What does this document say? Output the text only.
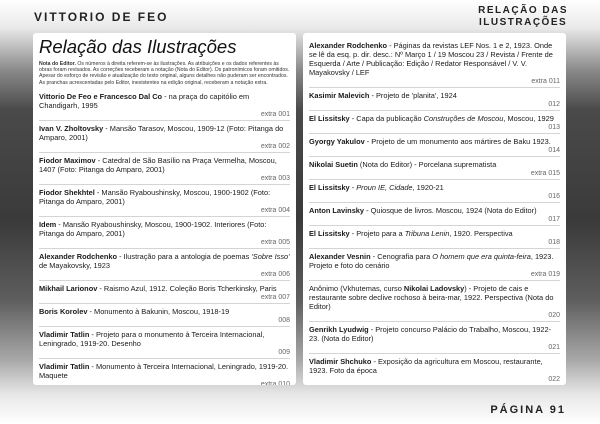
VITTORIO DE FEO	RELAÇÃO DAS
ILUSTRAÇÕES
Relação das Ilustrações
Nota do Editor. Os números à direita referem-se às ilustrações. As atribuições e os dados referentes às obras foram revisados. As correções receberam a notação (Nota do Editor). Os patronímicos foram omitidos. Apesar do esforço de revisão e atualização do texto original, alguns detalhes não puderam ser encontrados. As pranchas acrescentadas pelo Editor, inexistentes na edição original, receberam a notação extra.
Vittorio De Feo e Francesco Dal Co - na praça do capitólio em Chandigarh, 1995
extra 001
Ivan V. Zholtovsky - Mansão Tarasov, Moscou, 1909-12 (Foto: Pitanga do Amparo, 2001)
extra 002
Fiodor Maximov - Catedral de São Basílio na Praça Vermelha, Moscou, 1407 (Foto: Pitanga do Amparo, 2001)
extra 003
Fiodor Shekhtel - Mansão Ryaboushinsky, Moscou, 1900-1902 (Foto: Pitanga do Amparo, 2001)
extra 004
Idem - Mansão Ryaboushinsky, Moscou, 1900-1902. Interiores (Foto: Pitanga do Amparo, 2001)
extra 005
Alexander Rodchenko - Ilustração para a antologia de poemas 'Sobre Isso' de Mayakovsky, 1923
extra 006
Mikhail Larionov - Raismo Azul, 1912. Coleção Boris Tcherkinsky, Paris
extra 007
Boris Korolev - Monumento à Bakunin, Moscou, 1918-19
008
Vladimir Tatlin - Projeto para o monumento à Terceira Internacional, Leningrado, 1919-20. Desenho
009
Vladimir Tatlin - Monumento à Terceira Internacional, Leningrado, 1919-20. Maquete
extra 010
Alexander Rodchenko - Páginas da revistas LEF Nos. 1 e 2, 1923. Onde se lê da esq. p. dir. desc.: Nº Março 1 / 19 Moscou 23 / Revista / Frente de Esquerda / Arte / Publicação: Edição / Redator Responsável / V. V. Mayakovsky / LEF
extra 011
Kasimir Malevich - Projeto de 'planita', 1924
012
El Lissitsky - Capa da publicação Construções de Moscou, Moscou, 1929
013
Gyorgy Yakulov - Projeto de um monumento aos mártires de Baku 1923.
014
Nikolai Suetin (Nota do Editor) - Porcelana suprematista
extra 015
El Lissitsky - Proun IE, Cidade, 1920-21
016
Anton Lavinsky - Quiosque de livros. Moscou, 1924 (Nota do Editor)
017
El Lissitsky - Projeto para a Tribuna Lenin, 1920. Perspectiva
018
Alexander Vesnin - Cenografia para O homem que era quinta-feira, 1923. Projeto e foto do cenário
extra 019
Anônimo (Vkhutemas, curso Nikolai Ladovsky) - Projeto de cais e restaurante sobre declive rochoso à beira-mar, 1922. Perspectiva (Nota do Editor)
020
Genrikh Lyudwig - Projeto concurso Palácio do Trabalho, Moscou, 1922-23. (Nota do Editor)
021
Vladimir Shchuko - Exposição da agricultura em Moscou, restaurante, 1923. Foto da época
022
PÁGINA 91
